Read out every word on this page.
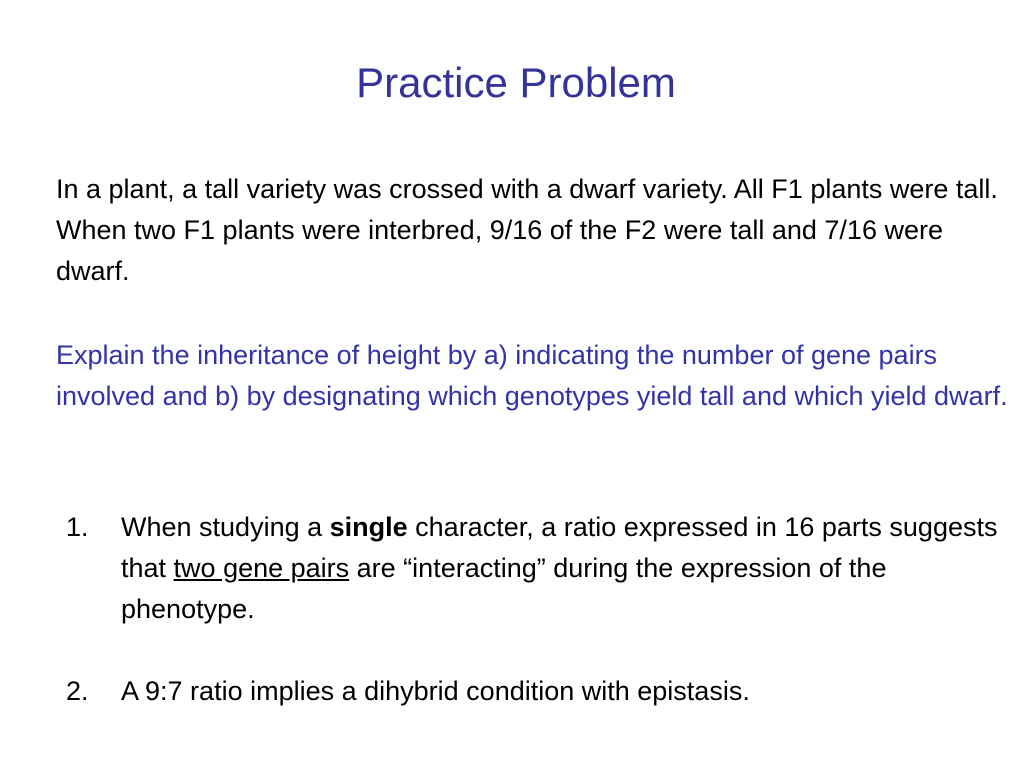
Practice Problem

In a plant, a tall variety was crossed with a dwarf variety. All F1 plants were tall. When two F1 plants were interbred, 9/16 of the F2 were tall and 7/16 were dwarf.

Explain the inheritance of height by a) indicating the number of gene pairs involved and b) by designating which genotypes yield tall and which yield dwarf.

1. When studying a single character, a ratio expressed in 16 parts suggests that two gene pairs are “interacting” during the expression of the phenotype.
2. A 9:7 ratio implies a dihybrid condition with epistasis.
